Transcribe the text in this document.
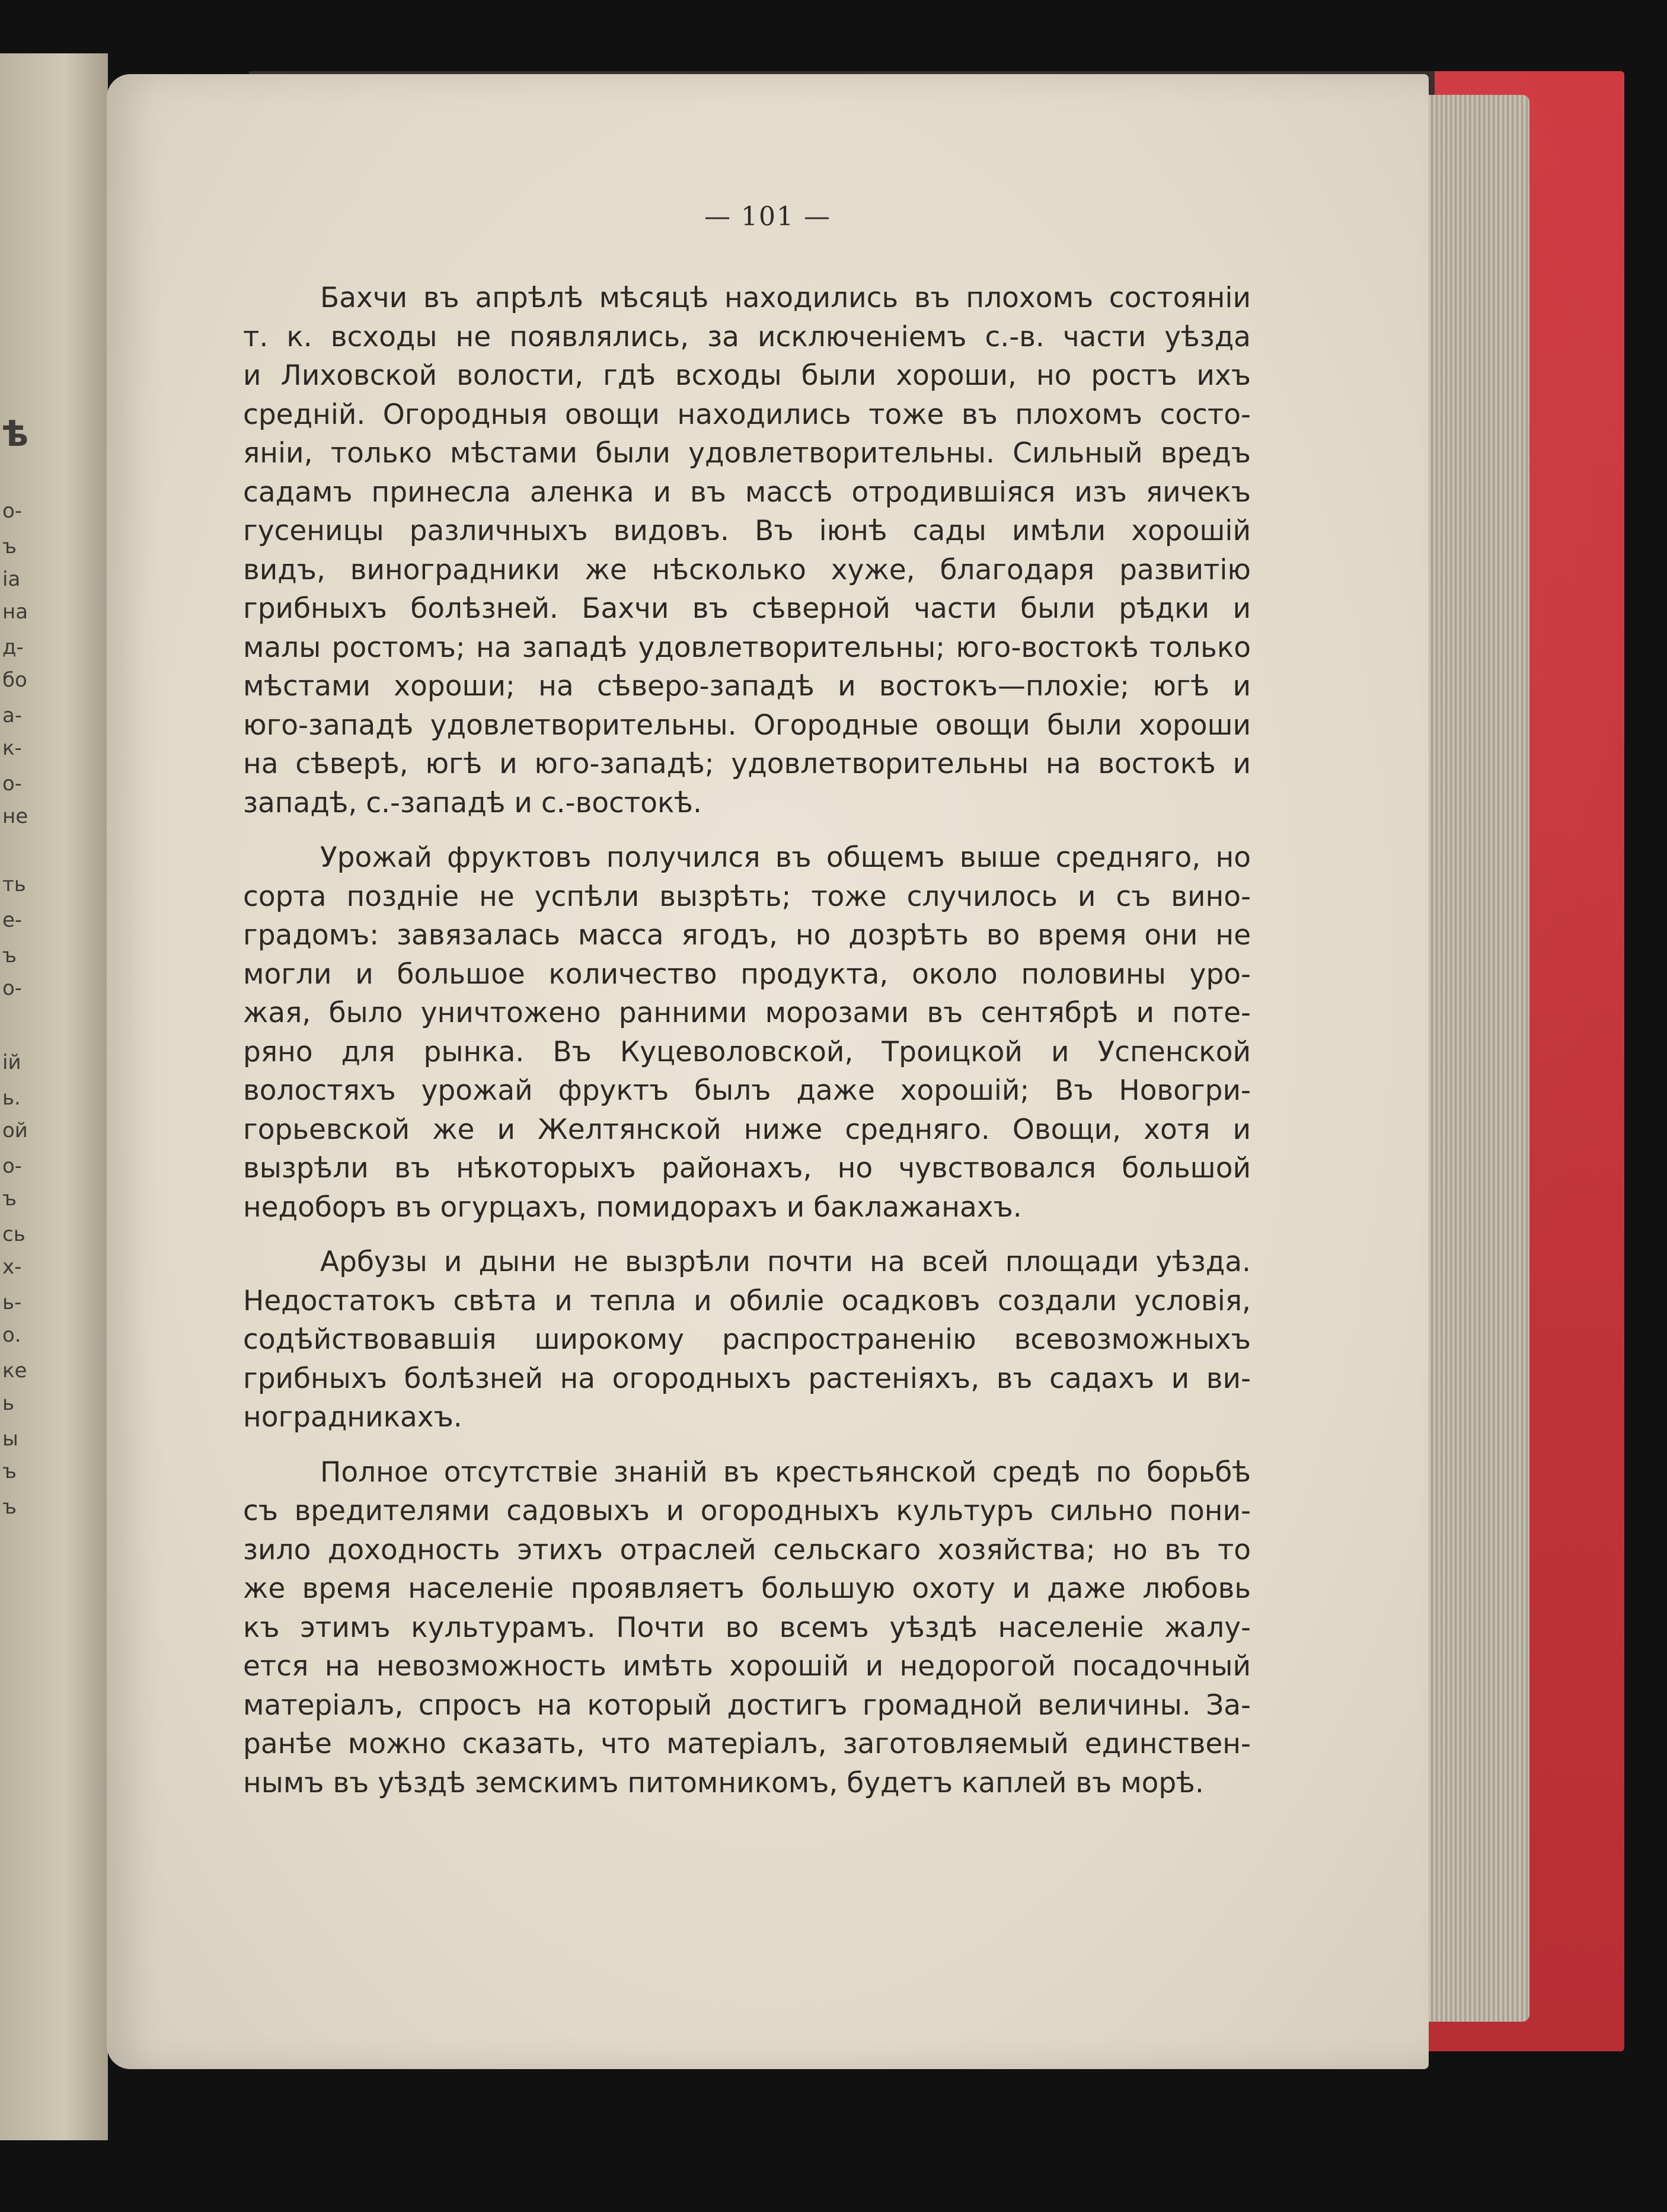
ѣ
о-
ъ
іа
на
д-
бо
а-
к-
о-
не
ть
е-
ъ
о-
ій
ь.
ой
о-
ъ
сь
х-
ь-
о.
ке
ь
ы
ъ
ъ
— 101 —
Бахчи въ апрѣлѣ мѣсяцѣ находились въ плохомъ состояніи
т. к. всходы не появлялись, за исключеніемъ с.-в. части уѣзда
и Лиховской волости, гдѣ всходы были хороши, но ростъ ихъ
средній. Огородныя овощи находились тоже въ плохомъ состо-
яніи, только мѣстами были удовлетворительны. Сильный вредъ
садамъ принесла аленка и въ массѣ отродившіяся изъ яичекъ
гусеницы различныхъ видовъ. Въ іюнѣ сады имѣли хорошій
видъ, виноградники же нѣсколько хуже, благодаря развитію
грибныхъ болѣзней. Бахчи въ сѣверной части были рѣдки и
малы ростомъ; на западѣ удовлетворительны; юго-востокѣ только
мѣстами хороши; на сѣверо-западѣ и востокъ—плохіе; югѣ и
юго-западѣ удовлетворительны. Огородные овощи были хороши
на сѣверѣ, югѣ и юго-западѣ; удовлетворительны на востокѣ и
западѣ, с.-западѣ и с.-востокѣ.
Урожай фруктовъ получился въ общемъ выше средняго, но
сорта поздніе не успѣли вызрѣть; тоже случилось и съ вино-
градомъ: завязалась масса ягодъ, но дозрѣть во время они не
могли и большое количество продукта, около половины уро-
жая, было уничтожено ранними морозами въ сентябрѣ и поте-
ряно для рынка. Въ Куцеволовской, Троицкой и Успенской
волостяхъ урожай фруктъ былъ даже хорошій; Въ Новогри-
горьевской же и Желтянской ниже средняго. Овощи, хотя и
вызрѣли въ нѣкоторыхъ районахъ, но чувствовался большой
недоборъ въ огурцахъ, помидорахъ и баклажанахъ.
Арбузы и дыни не вызрѣли почти на всей площади уѣзда.
Недостатокъ свѣта и тепла и обиліе осадковъ создали условія,
содѣйствовавшія широкому распространенію всевозможныхъ
грибныхъ болѣзней на огородныхъ растеніяхъ, въ садахъ и ви-
ноградникахъ.
Полное отсутствіе знаній въ крестьянской средѣ по борьбѣ
съ вредителями садовыхъ и огородныхъ культуръ сильно пони-
зило доходность этихъ отраслей сельскаго хозяйства; но въ то
же время населеніе проявляетъ большую охоту и даже любовь
къ этимъ культурамъ. Почти во всемъ уѣздѣ населеніе жалу-
ется на невозможность имѣть хорошій и недорогой посадочный
матеріалъ, спросъ на который достигъ громадной величины. За-
ранѣе можно сказать, что матеріалъ, заготовляемый единствен-
нымъ въ уѣздѣ земскимъ питомникомъ, будетъ каплей въ морѣ.
